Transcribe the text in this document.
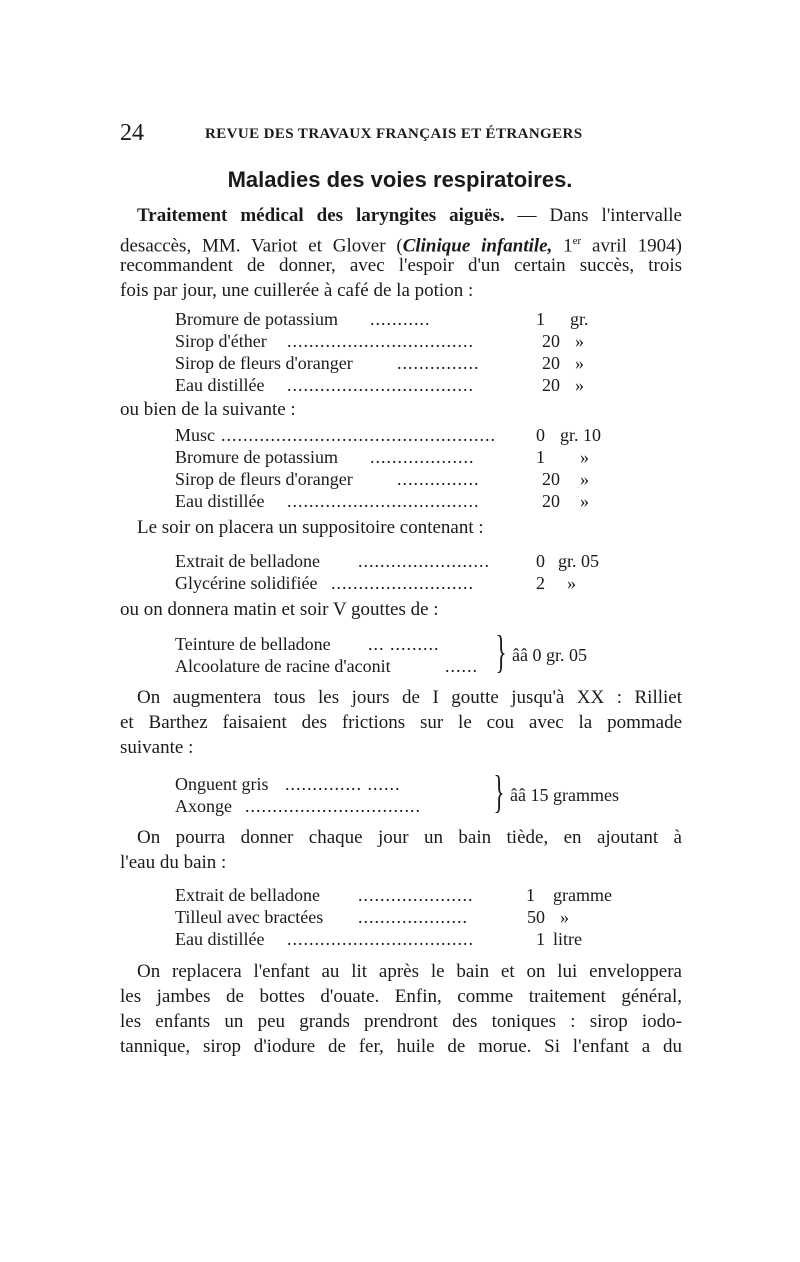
24	REVUE DES TRAVAUX FRANÇAIS ET ÉTRANGERS
Maladies des voies respiratoires.
Traitement médical des laryngites aiguës. — Dans l'intervalle
desaccès, MM. Variot et Glover (Clinique infantile, 1er avril 1904)
recommandent de donner, avec l'espoir d'un certain succès, trois
fois par jour, une cuillerée à café de la potion :
Bromure de potassium ...........	1 gr.
Sirop d'éther ..................................	20 »
Sirop de fleurs d'oranger ...............	20 »
Eau distillée ..................................	20 »
ou bien de la suivante :
Musc ..................................................	0 gr. 10
Bromure de potassium ...................	1 »
Sirop de fleurs d'oranger ...............	20 »
Eau distillée ...................................	20 »
Le soir on placera un suppositoire contenant :
Extrait de belladone ........................	0 gr. 05
Glycérine solidifiée ..........................	2 »
ou on donnera matin et soir V gouttes de :
Teinture de belladone ... .........
Alcoolature de racine d'aconit	...... } ââ 0 gr. 05
On augmentera tous les jours de I goutte jusqu'à XX : Rilliet
et Barthez faisaient des frictions sur le cou avec la pommade
suivante :
Onguent gris .............. ......
Axonge ................................	} ââ 15 grammes
On pourra donner chaque jour un bain tiède, en ajoutant à
l'eau du bain :
Extrait de belladone .....................	1 gramme
Tilleul avec bractées ....................	50 »
Eau distillée ..................................	1 litre
On replacera l'enfant au lit après le bain et on lui enveloppera
les jambes de bottes d'ouate. Enfin, comme traitement général,
les enfants un peu grands prendront des toniques : sirop iodo-
tannique, sirop d'iodure de fer, huile de morue. Si l'enfant a du
